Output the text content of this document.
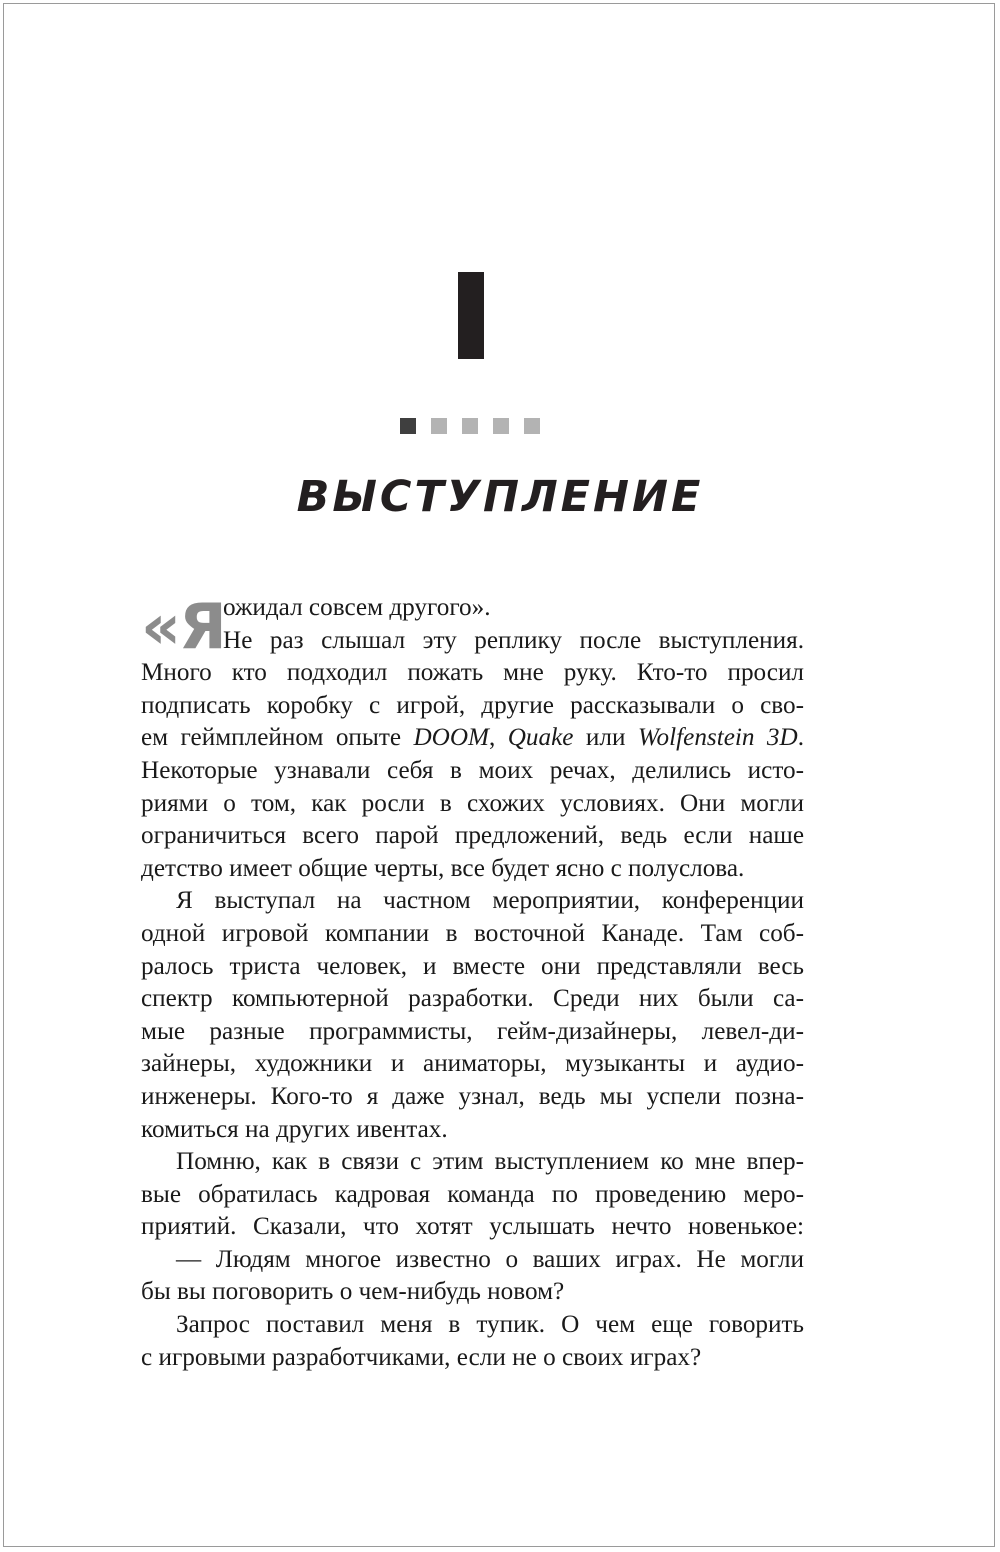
ВЫСТУПЛЕНИЕ
«Я
ожидал совсем другого».
Не раз слышал эту реплику после выступления.
Много кто подходил пожать мне руку. Кто-то просил
подписать коробку с игрой, другие рассказывали о сво-
ем геймплейном опыте DOOM, Quake или Wolfenstein 3D.
Некоторые узнавали себя в моих речах, делились исто-
риями о том, как росли в схожих условиях. Они могли
ограничиться всего парой предложений, ведь если наше
детство имеет общие черты, все будет ясно с полуслова.
Я выступал на частном мероприятии, конференции
одной игровой компании в восточной Канаде. Там соб-
ралось триста человек, и вместе они представляли весь
спектр компьютерной разработки. Среди них были са-
мые разные программисты, гейм-дизайнеры, левел-ди-
зайнеры, художники и аниматоры, музыканты и аудио-
инженеры. Кого-то я даже узнал, ведь мы успели позна-
комиться на других ивентах.
Помню, как в связи с этим выступлением ко мне впер-
вые обратилась кадровая команда по проведению меро-
приятий. Сказали, что хотят услышать нечто новенькое:
— Людям многое известно о ваших играх. Не могли
бы вы поговорить о чем-нибудь новом?
Запрос поставил меня в тупик. О чем еще говорить
с игровыми разработчиками, если не о своих играх?
